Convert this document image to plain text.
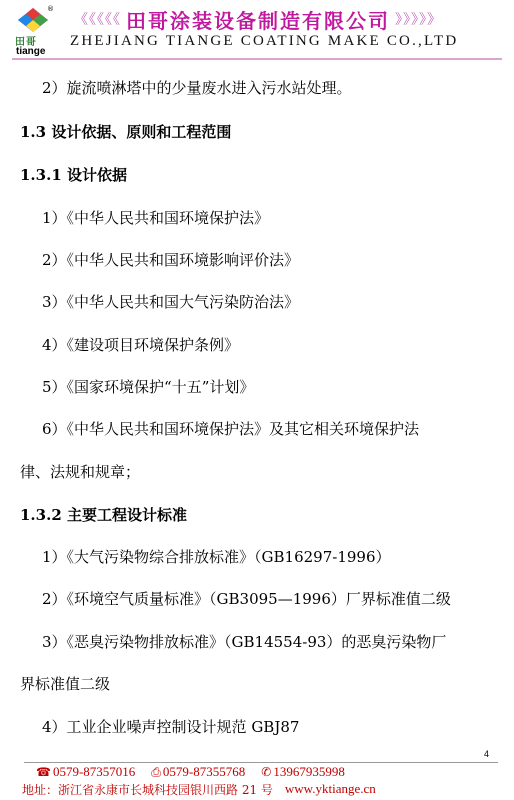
®
田哥
tiange
《《《《《 田哥涂装设备制造有限公司 》》》》》
ZHEJIANG TIANGE COATING MAKE CO.,LTD
2）旋流喷淋塔中的少量废水进入污水站处理。
1.3 设计依据、原则和工程范围
1.3.1 设计依据
1）《中华人民共和国环境保护法》
2）《中华人民共和国环境影响评价法》
3）《中华人民共和国大气污染防治法》
4）《建设项目环境保护条例》
5）《国家环境保护“十五”计划》
6）《中华人民共和国环境保护法》及其它相关环境保护法
律、法规和规章；
1.3.2 主要工程设计标准
1）《大气污染物综合排放标准》（GB16297-1996）
2）《环境空气质量标准》（GB3095—1996）厂界标准值二级
3）《恶臭污染物排放标准》（GB14554-93）的恶臭污染物厂
界标准值二级
4）工业企业噪声控制设计规范 GBJ87
4
☎ 0579-87357016 ⎙ 0579-87355768 ✆ 13967935998
地址：浙江省永康市长城科技园银川西路 21 号 www.yktiange.cn
